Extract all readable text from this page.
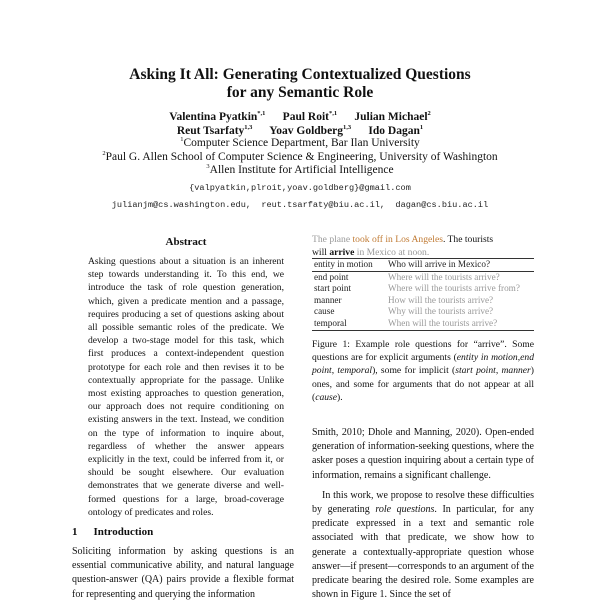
Asking It All: Generating Contextualized Questions
for any Semantic Role
Valentina Pyatkin$^{*,1}$ Paul Roit$^{*,1}$ Julian Michael$^2$
Reut Tsarfaty$^{1,3}$ Yoav Goldberg$^{1,3}$ Ido Dagan$^1$
$^1$Computer Science Department, Bar Ilan University
$^2$Paul G. Allen School of Computer Science & Engineering, University of Washington
$^3$Allen Institute for Artificial Intelligence
{valpyatkin,plroit,yoav.goldberg}@gmail.com
julianjm@cs.washington.edu,  reut.tsarfaty@biu.ac.il,  dagan@cs.biu.ac.il
Abstract

Asking questions about a situation is an inherent step towards understanding it. To this end, we introduce the task of role question generation, which, given a predicate mention and a passage, requires producing a set of questions asking about all possible semantic roles of the predicate. We develop a two-stage model for this task, which first produces a context-independent question prototype for each role and then revises it to be contextually appropriate for the passage. Unlike most existing approaches to question generation, our approach does not require conditioning on existing answers in the text. Instead, we condition on the type of information to inquire about, regardless of whether the answer appears explicitly in the text, could be inferred from it, or should be sought elsewhere. Our evaluation demonstrates that we generate diverse and well-formed questions for a large, broad-coverage ontology of predicates and roles.

1 Introduction
Soliciting information by asking questions is an essential communicative ability, and natural language question-answer (QA) pairs provide a flexible format for representing and querying the information
The plane took off in Los Angeles. The tourists
will arrive in Mexico at noon.
entity in motion	Who will arrive in Mexico?
end point	Where will the tourists arrive?
start point	Where will the tourists arrive from?
manner	How will the tourists arrive?
cause	Why will the tourists arrive?
temporal	When will the tourists arrive?
Figure 1: Example role questions for “arrive”. Some questions are for explicit arguments (entity in motion,end point, temporal), some for implicit (start point, manner) ones, and some for arguments that do not appear at all (cause).

Smith, 2010; Dhole and Manning, 2020). Open-ended generation of information-seeking questions, where the asker poses a question inquiring about a certain type of information, remains a significant challenge.

In this work, we propose to resolve these difficulties by generating role questions. In particular, for any predicate expressed in a text and semantic role associated with that predicate, we show how to generate a contextually-appropriate question whose answer—if present—corresponds to an argument of the predicate bearing the desired role. Some examples are shown in Figure 1. Since the set of
